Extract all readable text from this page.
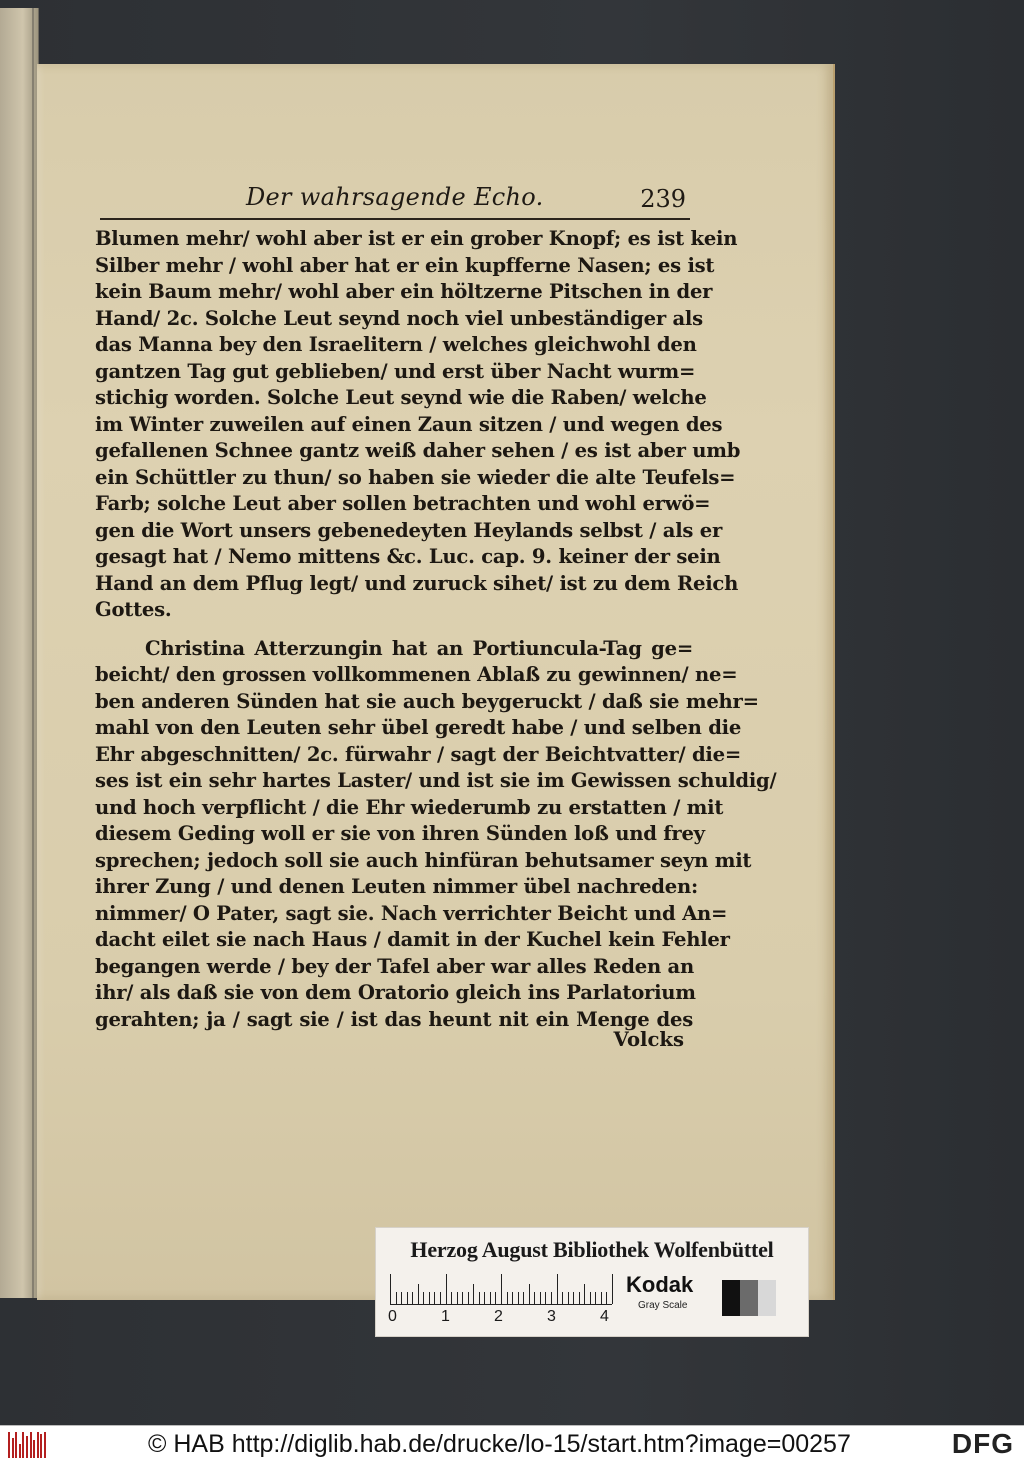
Der wahrsagende Echo.	239
Blumen mehr/ wohl aber ist er ein grober Knopf; es ist kein
Silber mehr / wohl aber hat er ein kupfferne Nasen; es ist
kein Baum mehr/ wohl aber ein höltzerne Pitschen in der
Hand/ 2c. Solche Leut seynd noch viel unbeständiger als
das Manna bey den Israelitern / welches gleichwohl den
gantzen Tag gut geblieben/ und erst über Nacht wurm=
stichig worden. Solche Leut seynd wie die Raben/ welche
im Winter zuweilen auf einen Zaun sitzen / und wegen des
gefallenen Schnee gantz weiß daher sehen / es ist aber umb
ein Schüttler zu thun/ so haben sie wieder die alte Teufels=
Farb; solche Leut aber sollen betrachten und wohl erwö=
gen die Wort unsers gebenedeyten Heylands selbst / als er
gesagt hat / Nemo mittens &c. Luc. cap. 9. keiner der sein
Hand an dem Pflug legt/ und zuruck sihet/ ist zu dem Reich
Gottes.
Christina Atterzungin hat an Portiuncula-Tag ge=
beicht/ den grossen vollkommenen Ablaß zu gewinnen/ ne=
ben anderen Sünden hat sie auch beygeruckt / daß sie mehr=
mahl von den Leuten sehr übel geredt habe / und selben die
Ehr abgeschnitten/ 2c. fürwahr / sagt der Beichtvatter/ die=
ses ist ein sehr hartes Laster/ und ist sie im Gewissen schuldig/
und hoch verpflicht / die Ehr wiederumb zu erstatten / mit
diesem Geding woll er sie von ihren Sünden loß und frey
sprechen; jedoch soll sie auch hinfüran behutsamer seyn mit
ihrer Zung / und denen Leuten nimmer übel nachreden:
nimmer/ O Pater, sagt sie. Nach verrichter Beicht und An=
dacht eilet sie nach Haus / damit in der Kuchel kein Fehler
begangen werde / bey der Tafel aber war alles Reden an
ihr/ als daß sie von dem Oratorio gleich ins Parlatorium
gerahten; ja / sagt sie / ist das heunt nit ein Menge des
Volcks
Herzog August Bibliothek Wolfenbüttel
0	1	2	3	4
Kodak
Gray Scale
© HAB http://diglib.hab.de/drucke/lo-15/start.htm?image=00257	DFG
